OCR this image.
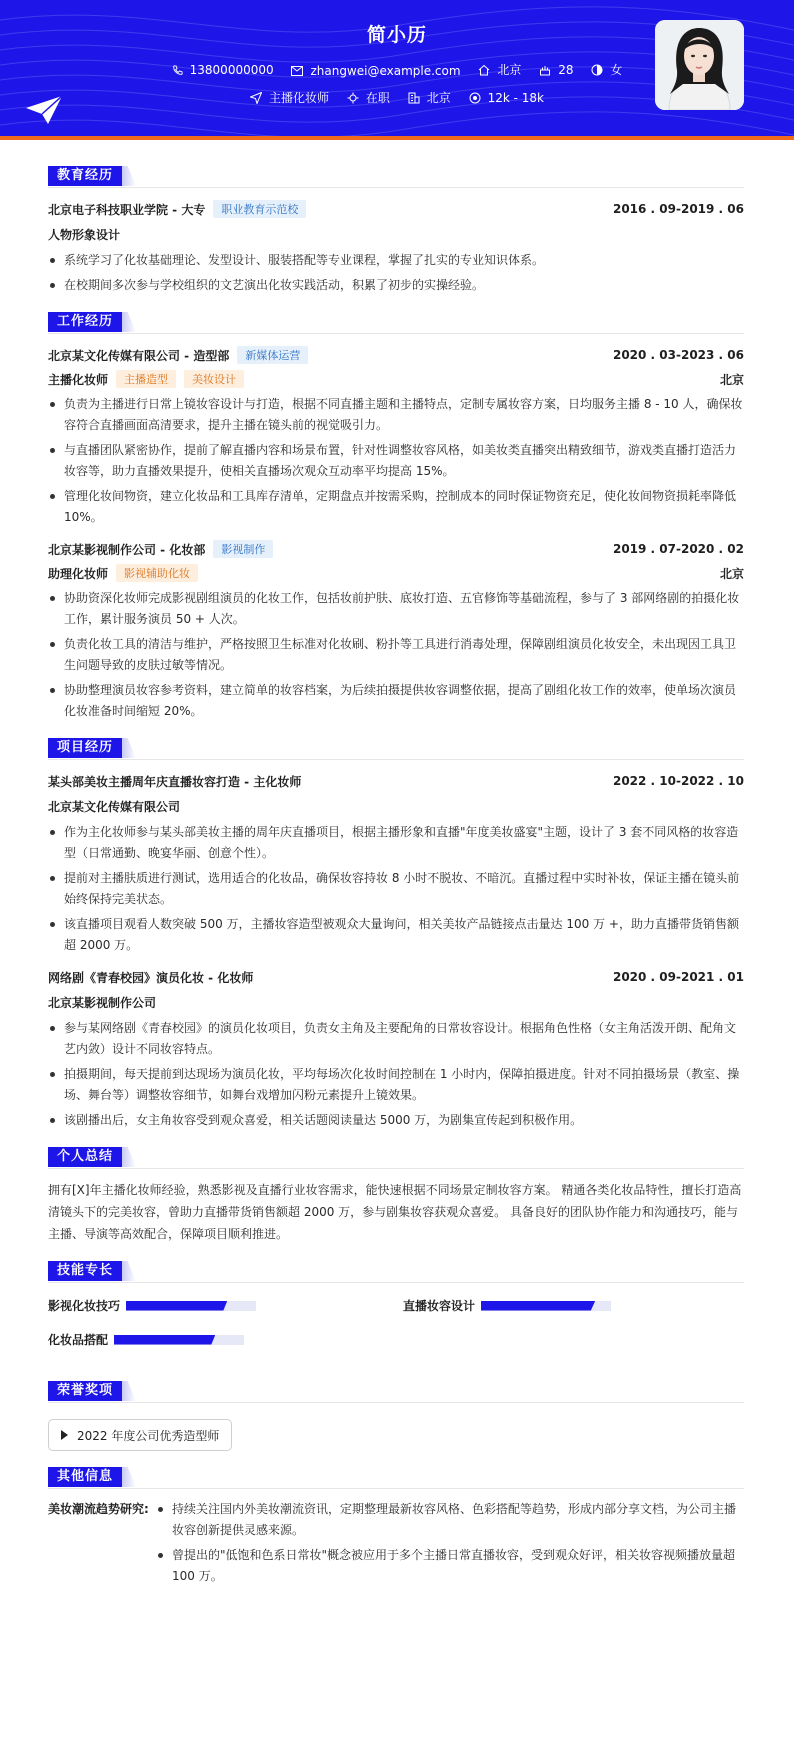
简小历
13800000000
	zhangwei@example.com
	北京
	28
	女
主播化妆师
	在职
	北京
	12k - 18k
教育经历
北京电子科技职业学院 - 大专	职业教育示范校	2016 . 09-2019 . 06
人物形象设计
系统学习了化妆基础理论、发型设计、服装搭配等专业课程，掌握了扎实的专业知识体系。
在校期间多次参与学校组织的文艺演出化妆实践活动，积累了初步的实操经验。
工作经历
北京某文化传媒有限公司 - 造型部	新媒体运营	2020 . 03-2023 . 06
主播化妆师	主播造型	美妆设计	北京
负责为主播进行日常上镜妆容设计与打造，根据不同直播主题和主播特点，定制专属妆容方案，日均服务主播 8 - 10 人，确保妆容符合直播画面高清要求，提升主播在镜头前的视觉吸引力。
与直播团队紧密协作，提前了解直播内容和场景布置，针对性调整妆容风格，如美妆类直播突出精致细节，游戏类直播打造活力妆容等，助力直播效果提升，使相关直播场次观众互动率平均提高 15%。
管理化妆间物资，建立化妆品和工具库存清单，定期盘点并按需采购，控制成本的同时保证物资充足，使化妆间物资损耗率降低 10%。
北京某影视制作公司 - 化妆部	影视制作	2019 . 07-2020 . 02
助理化妆师	影视辅助化妆	北京
协助资深化妆师完成影视剧组演员的化妆工作，包括妆前护肤、底妆打造、五官修饰等基础流程，参与了 3 部网络剧的拍摄化妆工作，累计服务演员 50 + 人次。
负责化妆工具的清洁与维护，严格按照卫生标准对化妆刷、粉扑等工具进行消毒处理，保障剧组演员化妆安全，未出现因工具卫生问题导致的皮肤过敏等情况。
协助整理演员妆容参考资料，建立简单的妆容档案，为后续拍摄提供妆容调整依据，提高了剧组化妆工作的效率，使单场次演员化妆准备时间缩短 20%。
项目经历
某头部美妆主播周年庆直播妆容打造 - 主化妆师	2022 . 10-2022 . 10
北京某文化传媒有限公司
作为主化妆师参与某头部美妆主播的周年庆直播项目，根据主播形象和直播"年度美妆盛宴"主题，设计了 3 套不同风格的妆容造型（日常通勤、晚宴华丽、创意个性）。
提前对主播肤质进行测试，选用适合的化妆品，确保妆容持妆 8 小时不脱妆、不暗沉。直播过程中实时补妆，保证主播在镜头前始终保持完美状态。
该直播项目观看人数突破 500 万，主播妆容造型被观众大量询问，相关美妆产品链接点击量达 100 万 +，助力直播带货销售额超 2000 万。
网络剧《青春校园》演员化妆 - 化妆师	2020 . 09-2021 . 01
北京某影视制作公司
参与某网络剧《青春校园》的演员化妆项目，负责女主角及主要配角的日常妆容设计。根据角色性格（女主角活泼开朗、配角文艺内敛）设计不同妆容特点。
拍摄期间，每天提前到达现场为演员化妆，平均每场次化妆时间控制在 1 小时内，保障拍摄进度。针对不同拍摄场景（教室、操场、舞台等）调整妆容细节，如舞台戏增加闪粉元素提升上镜效果。
该剧播出后，女主角妆容受到观众喜爱，相关话题阅读量达 5000 万，为剧集宣传起到积极作用。
个人总结
拥有[X]年主播化妆师经验，熟悉影视及直播行业妆容需求，能快速根据不同场景定制妆容方案。 精通各类化妆品特性，擅长打造高清镜头下的完美妆容，曾助力直播带货销售额超 2000 万，参与剧集妆容获观众喜爱。 具备良好的团队协作能力和沟通技巧，能与主播、导演等高效配合，保障项目顺利推进。
技能专长
影视化妆技巧	直播妆容设计
化妆品搭配
荣誉奖项
2022 年度公司优秀造型师
其他信息
美妆潮流趋势研究:	持续关注国内外美妆潮流资讯，定期整理最新妆容风格、色彩搭配等趋势，形成内部分享文档，为公司主播妆容创新提供灵感来源。
曾提出的"低饱和色系日常妆"概念被应用于多个主播日常直播妆容，受到观众好评，相关妆容视频播放量超 100 万。
